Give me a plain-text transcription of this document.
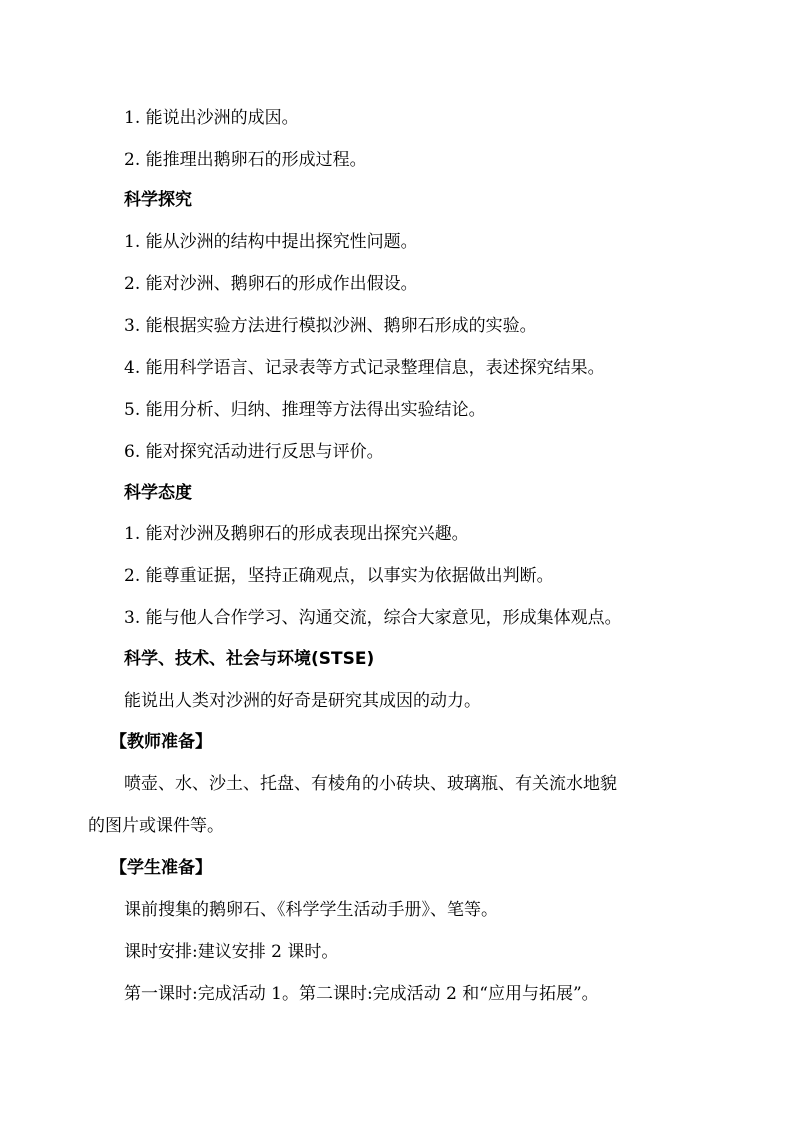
1. 能说出沙洲的成因。
2. 能推理出鹅卵石的形成过程。
科学探究
1. 能从沙洲的结构中提出探究性问题。
2. 能对沙洲、鹅卵石的形成作出假设。
3. 能根据实验方法进行模拟沙洲、鹅卵石形成的实验。
4. 能用科学语言、记录表等方式记录整理信息，表述探究结果。
5. 能用分析、归纳、推理等方法得出实验结论。
6. 能对探究活动进行反思与评价。
科学态度
1. 能对沙洲及鹅卵石的形成表现出探究兴趣。
2. 能尊重证据，坚持正确观点，以事实为依据做出判断。
3. 能与他人合作学习、沟通交流，综合大家意见，形成集体观点。
科学、技术、社会与环境(STSE)
能说出人类对沙洲的好奇是研究其成因的动力。
【教师准备】
喷壶、水、沙土、托盘、有棱角的小砖块、玻璃瓶、有关流水地貌
的图片或课件等。
【学生准备】
课前搜集的鹅卵石、《科学学生活动手册》、笔等。
课时安排:建议安排 2 课时。
第一课时:完成活动 1。第二课时:完成活动 2 和“应用与拓展”。
